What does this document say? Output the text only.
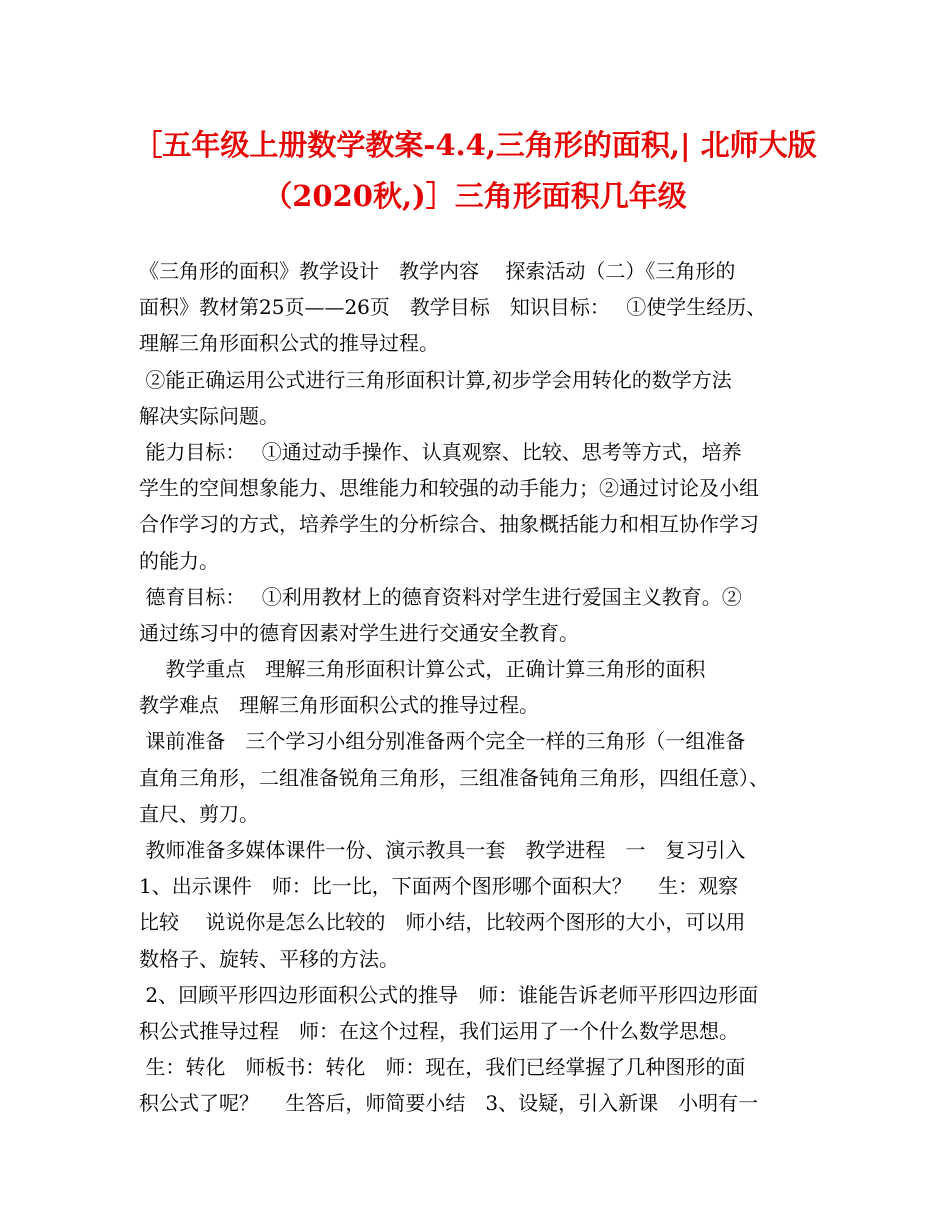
［五年级上册数学教案-4.4,三角形的面积,| 北师大版
（2020秋,)］三角形面积几年级
《三角形的面积》教学设计　教学内容　 探索活动（二）《三角形的
面积》教材第25页——26页　教学目标　知识目标：　 ①使学生经历、
理解三角形面积公式的推导过程。
②能正确运用公式进行三角形面积计算,初步学会用转化的数学方法
解决实际问题。
能力目标：　 ①通过动手操作、认真观察、比较、思考等方式，培养
学生的空间想象能力、思维能力和较强的动手能力；②通过讨论及小组
合作学习的方式，培养学生的分析综合、抽象概括能力和相互协作学习
的能力。
德育目标：　 ①利用教材上的德育资料对学生进行爱国主义教育。②
通过练习中的德育因素对学生进行交通安全教育。
　 教学重点　理解三角形面积计算公式，正确计算三角形的面积
教学难点　理解三角形面积公式的推导过程。
课前准备　三个学习小组分别准备两个完全一样的三角形（一组准备
直角三角形，二组准备锐角三角形，三组准备钝角三角形，四组任意）、
直尺、剪刀。
教师准备多媒体课件一份、演示教具一套　教学进程　一　复习引入
1、出示课件　师：比一比，下面两个图形哪个面积大？　 生：观察
比较　 说说你是怎么比较的　师小结，比较两个图形的大小，可以用
数格子、旋转、平移的方法。
2、回顾平形四边形面积公式的推导　师：谁能告诉老师平形四边形面
积公式推导过程　师：在这个过程，我们运用了一个什么数学思想。
生：转化　师板书：转化　师：现在，我们已经掌握了几种图形的面
积公式了呢？　 生答后，师简要小结　3、设疑，引入新课　小明有一
